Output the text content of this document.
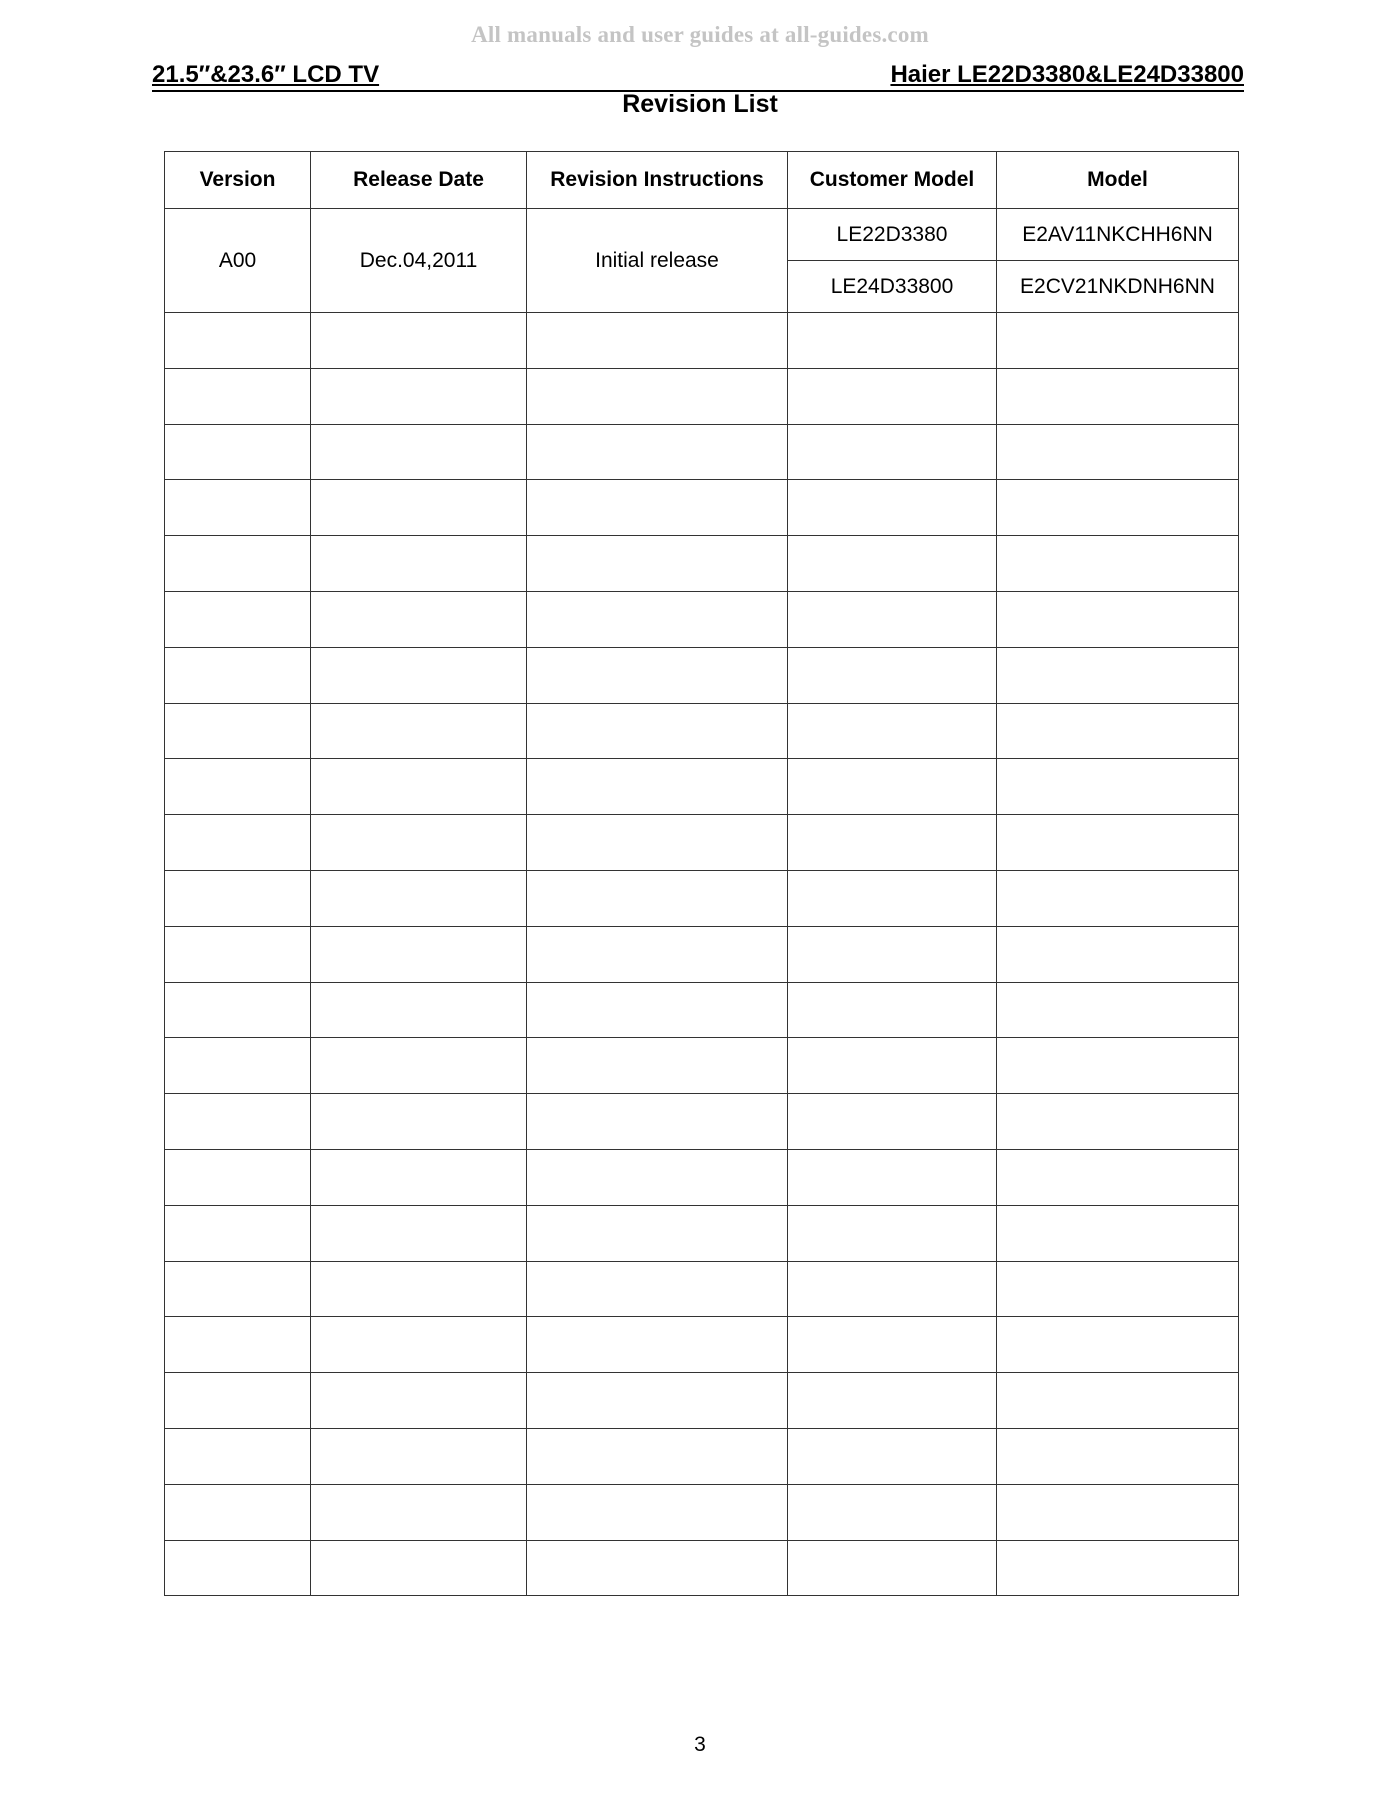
All manuals and user guides at all-guides.com
21.5″&23.6″ LCD TV	Haier LE22D3380&LE24D33800
Revision List
Version	Release Date	Revision Instructions	Customer Model	Model
A00	Dec.04,2011	Initial release	LE22D3380	E2AV11NKCHH6NN
			LE24D33800	E2CV21NKDNH6NN

3
